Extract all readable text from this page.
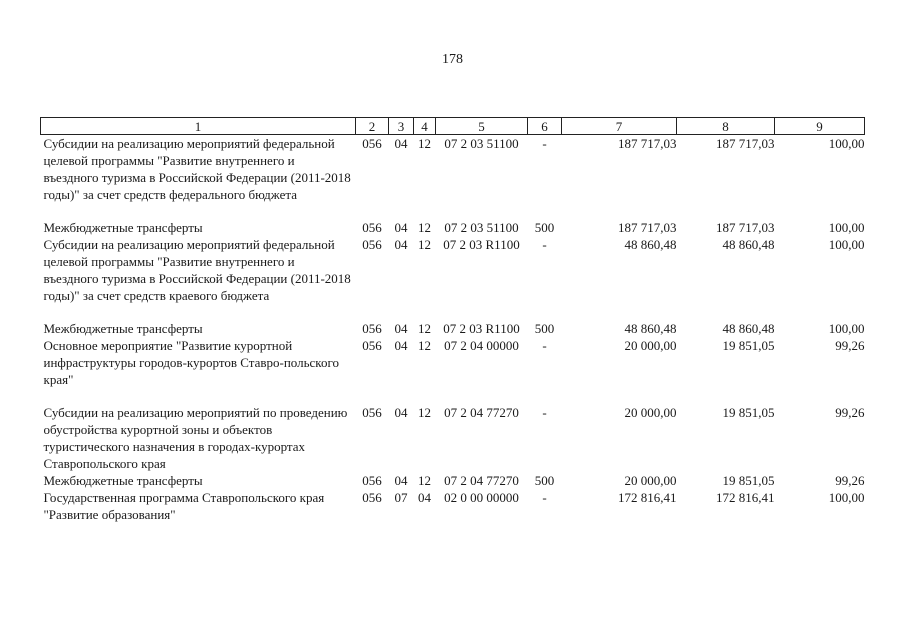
178
1	2	3	4	5	6	7	8	9
Субсидии на реализацию мероприятий федеральной целевой программы "Развитие внутреннего и въездного туризма в Российской Федерации (2011-2018 годы)" за счет средств федерального бюджета	056	04	12	07 2 03 51100	-	187 717,03	187 717,03	100,00
Межбюджетные трансферты	056	04	12	07 2 03 51100	500	187 717,03	187 717,03	100,00
Субсидии на реализацию мероприятий федеральной целевой программы "Развитие внутреннего и въездного туризма в Российской Федерации (2011-2018 годы)" за счет средств краевого бюджета	056	04	12	07 2 03 R1100	-	48 860,48	48 860,48	100,00
Межбюджетные трансферты	056	04	12	07 2 03 R1100	500	48 860,48	48 860,48	100,00
Основное мероприятие "Развитие курортной инфраструктуры городов-курортов Ставро-польского края"	056	04	12	07 2 04 00000	-	20 000,00	19 851,05	99,26
Субсидии на реализацию мероприятий по проведению обустройства курортной зоны и объектов туристического назначения в городах-курортах Ставропольского края	056	04	12	07 2 04 77270	-	20 000,00	19 851,05	99,26
Межбюджетные трансферты	056	04	12	07 2 04 77270	500	20 000,00	19 851,05	99,26
Государственная программа Ставропольского края "Развитие образования"	056	07	04	02 0 00 00000	-	172 816,41	172 816,41	100,00
